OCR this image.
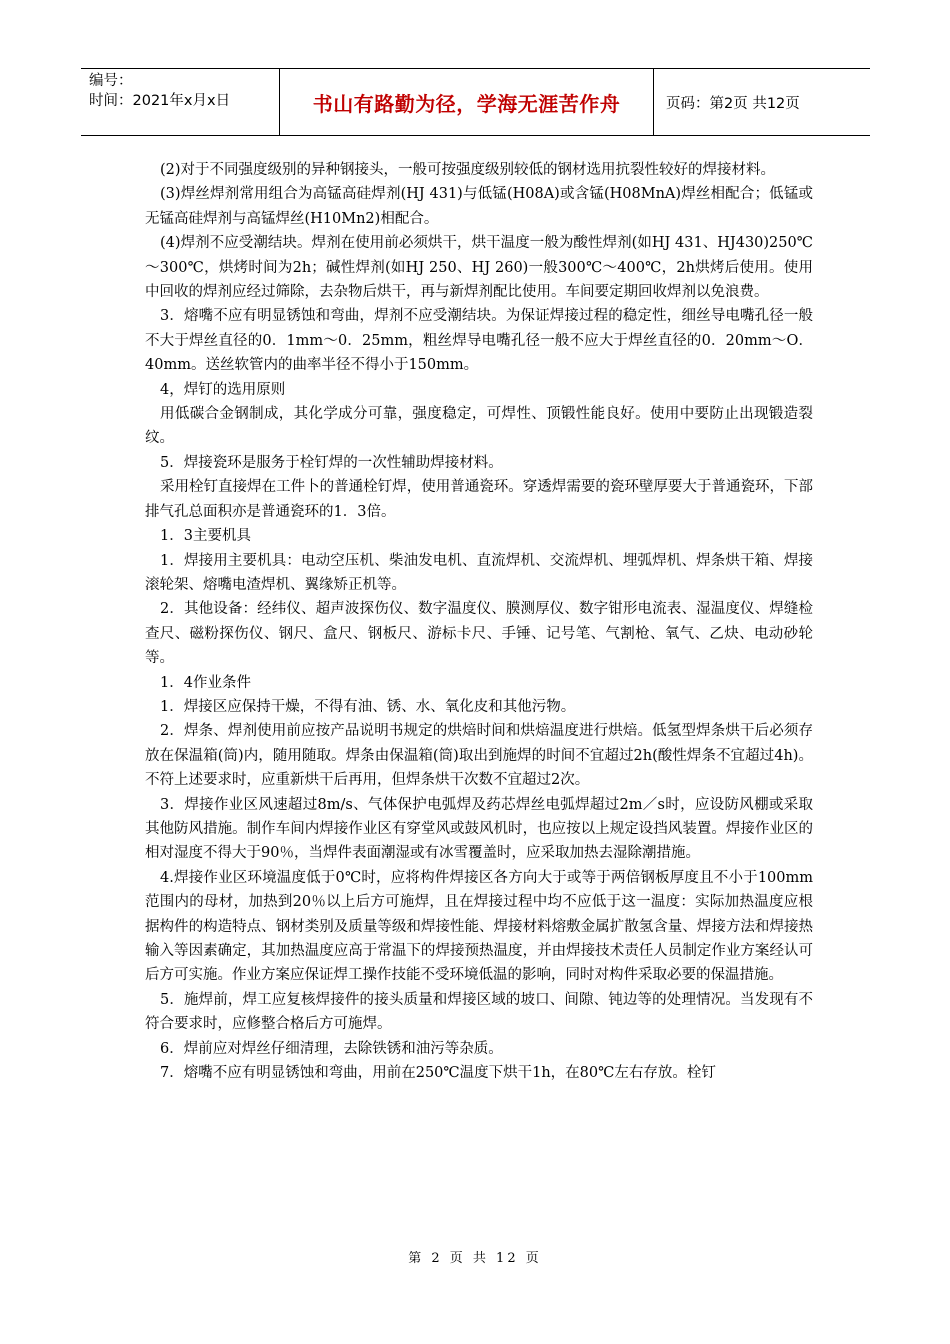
编号：
时间：2021年x月x日	书山有路勤为径，学海无涯苦作舟	页码：第2页 共12页

(2)对于不同强度级别的异种钢接头，一般可按强度级别较低的钢材选用抗裂性较好的焊接材料。

(3)焊丝焊剂常用组合为高锰高硅焊剂(HJ 431)与低锰(H08A)或含锰(H08MnA)焊丝相配合；低锰或无锰高硅焊剂与高锰焊丝(H10Mn2)相配合。

(4)焊剂不应受潮结块。焊剂在使用前必须烘干，烘干温度一般为酸性焊剂(如HJ 431、HJ430)250℃～300℃，烘烤时间为2h；碱性焊剂(如HJ 250、HJ 260)一般300℃～400℃，2h烘烤后使用。使用中回收的焊剂应经过筛除，去杂物后烘干，再与新焊剂配比使用。车间要定期回收焊剂以免浪费。

3．熔嘴不应有明显锈蚀和弯曲，焊剂不应受潮结块。为保证焊接过程的稳定性，细丝导电嘴孔径一般不大于焊丝直径的0．1mm～0．25mm，粗丝焊导电嘴孔径一般不应大于焊丝直径的0．20mm～O．40mm。送丝软管内的曲率半径不得小于150mm。

4，焊钉的选用原则

用低碳合金钢制成，其化学成分可靠，强度稳定，可焊性、顶锻性能良好。使用中要防止出现锻造裂纹。

5．焊接瓷环是服务于栓钉焊的一次性辅助焊接材料。

采用栓钉直接焊在工件卜的普通栓钉焊，使用普通瓷环。穿透焊需要的瓷环壁厚要大于普通瓷环，下部排气孔总面积亦是普通瓷环的1．3倍。

1．3主要机具

1．焊接用主要机具：电动空压机、柴油发电机、直流焊机、交流焊机、埋弧焊机、焊条烘干箱、焊接滚轮架、熔嘴电渣焊机、翼缘矫正机等。

2．其他设备：经纬仪、超声波探伤仪、数字温度仪、膜测厚仪、数字钳形电流表、湿温度仪、焊缝检查尺、磁粉探伤仪、钢尺、盒尺、钢板尺、游标卡尺、手锤、记号笔、气割枪、氧气、乙炔、电动砂轮等。

1．4作业条件

1．焊接区应保持干燥，不得有油、锈、水、氧化皮和其他污物。

2．焊条、焊剂使用前应按产品说明书规定的烘焙时间和烘焙温度进行烘焙。低氢型焊条烘干后必须存放在保温箱(筒)内，随用随取。焊条由保温箱(筒)取出到施焊的时间不宜超过2h(酸性焊条不宜超过4h)。不符上述要求时，应重新烘干后再用，但焊条烘干次数不宜超过2次。

3．焊接作业区风速超过8m/s、气体保护电弧焊及药芯焊丝电弧焊超过2m／s时，应设防风棚或采取其他防风措施。制作车间内焊接作业区有穿堂风或鼓风机时，也应按以上规定设挡风装置。焊接作业区的相对湿度不得大于90％，当焊件表面潮湿或有冰雪覆盖时，应采取加热去湿除潮措施。

4.焊接作业区环境温度低于0℃时，应将构件焊接区各方向大于或等于两倍钢板厚度且不小于100mm范围内的母材，加热到20％以上后方可施焊，且在焊接过程中均不应低于这一温度：实际加热温度应根据构件的构造特点、钢材类别及质量等级和焊接性能、焊接材料熔敷金属扩散氢含量、焊接方法和焊接热输入等因素确定，其加热温度应高于常温下的焊接预热温度，并由焊接技术责任人员制定作业方案经认可后方可实施。作业方案应保证焊工操作技能不受环境低温的影响，同时对构件采取必要的保温措施。

5．施焊前，焊工应复核焊接件的接头质量和焊接区域的坡口、间隙、钝边等的处理情况。当发现有不符合要求时，应修整合格后方可施焊。

6．焊前应对焊丝仔细清理，去除铁锈和油污等杂质。

7．熔嘴不应有明显锈蚀和弯曲，用前在250℃温度下烘干1h，在80℃左右存放。栓钉

第 2 页 共 12 页
